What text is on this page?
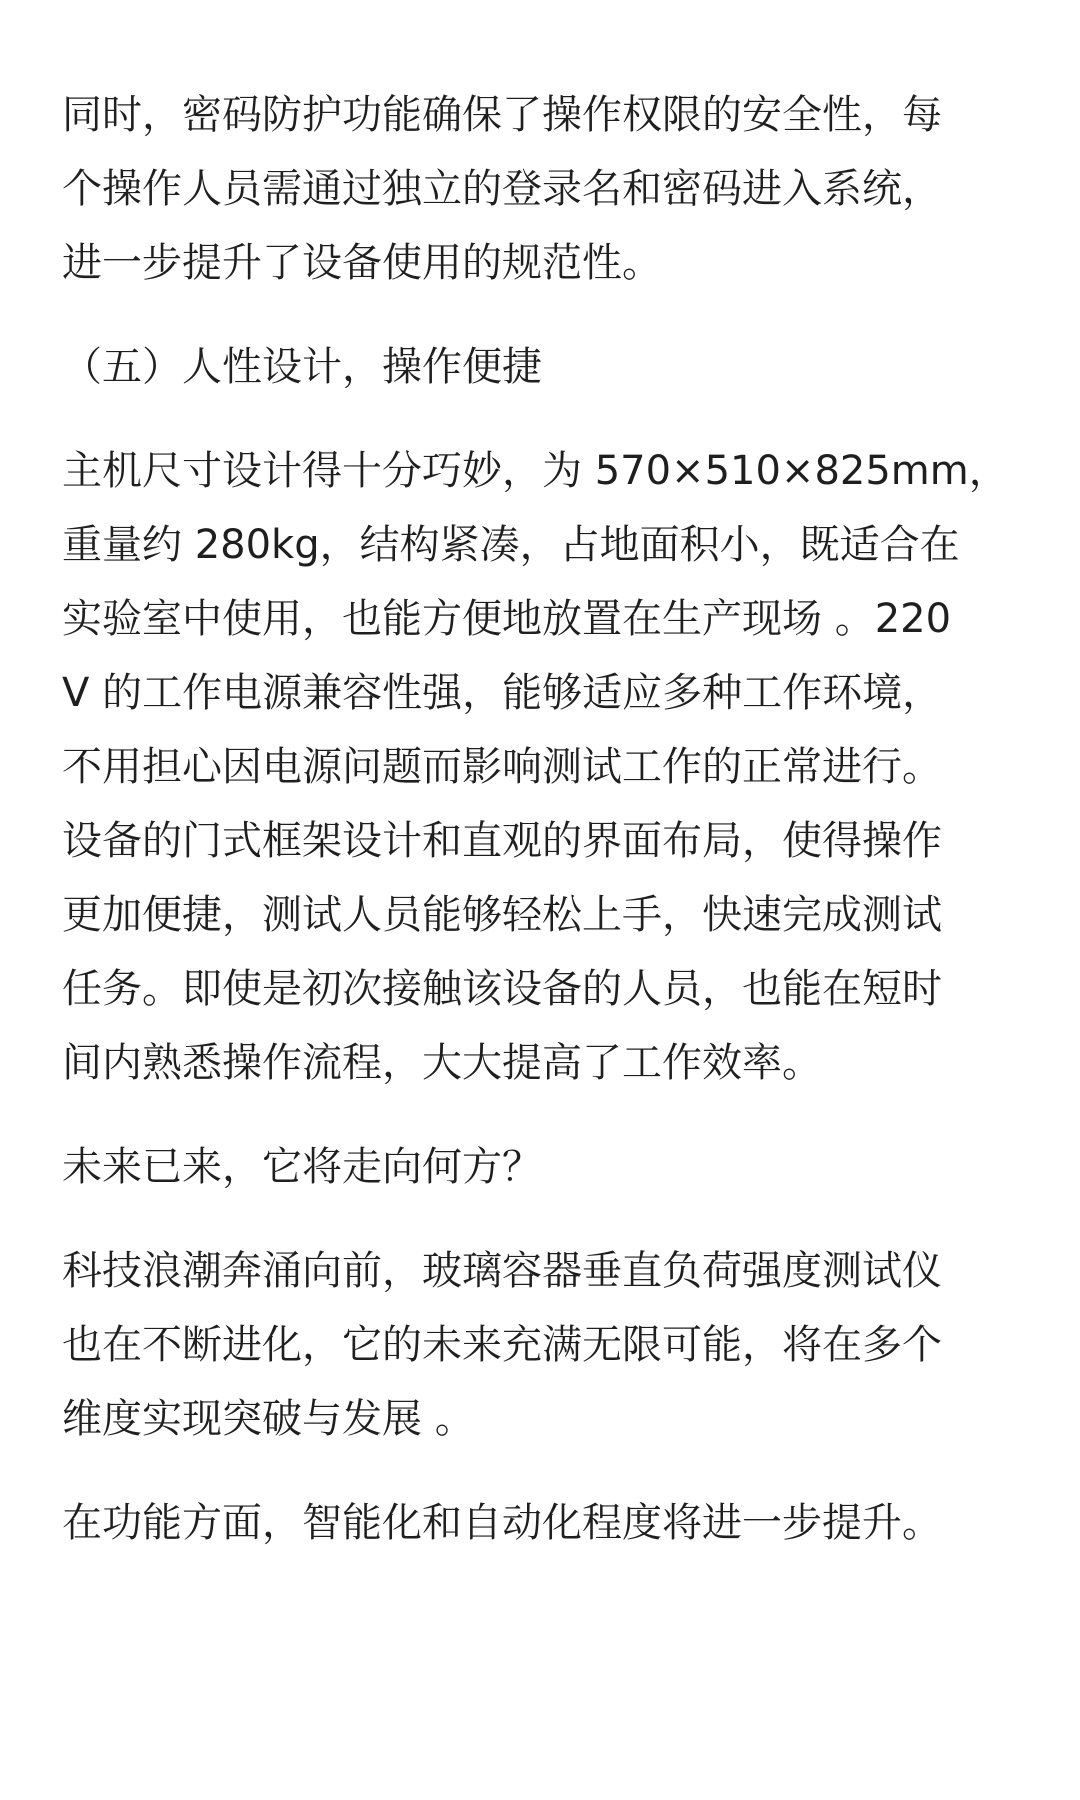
同时，密码防护功能确保了操作权限的安全性，每
个操作人员需通过独立的登录名和密码进入系统，
进一步提升了设备使用的规范性。

（五）人性设计，操作便捷

主机尺寸设计得十分巧妙，为 570×510×825mm，
重量约 280kg，结构紧凑，占地面积小，既适合在
实验室中使用，也能方便地放置在生产现场 。220
V 的工作电源兼容性强，能够适应多种工作环境，
不用担心因电源问题而影响测试工作的正常进行。
设备的门式框架设计和直观的界面布局，使得操作
更加便捷，测试人员能够轻松上手，快速完成测试
任务。即使是初次接触该设备的人员，也能在短时
间内熟悉操作流程，大大提高了工作效率。

未来已来，它将走向何方？

科技浪潮奔涌向前，玻璃容器垂直负荷强度测试仪
也在不断进化，它的未来充满无限可能，将在多个
维度实现突破与发展 。

在功能方面，智能化和自动化程度将进一步提升。
